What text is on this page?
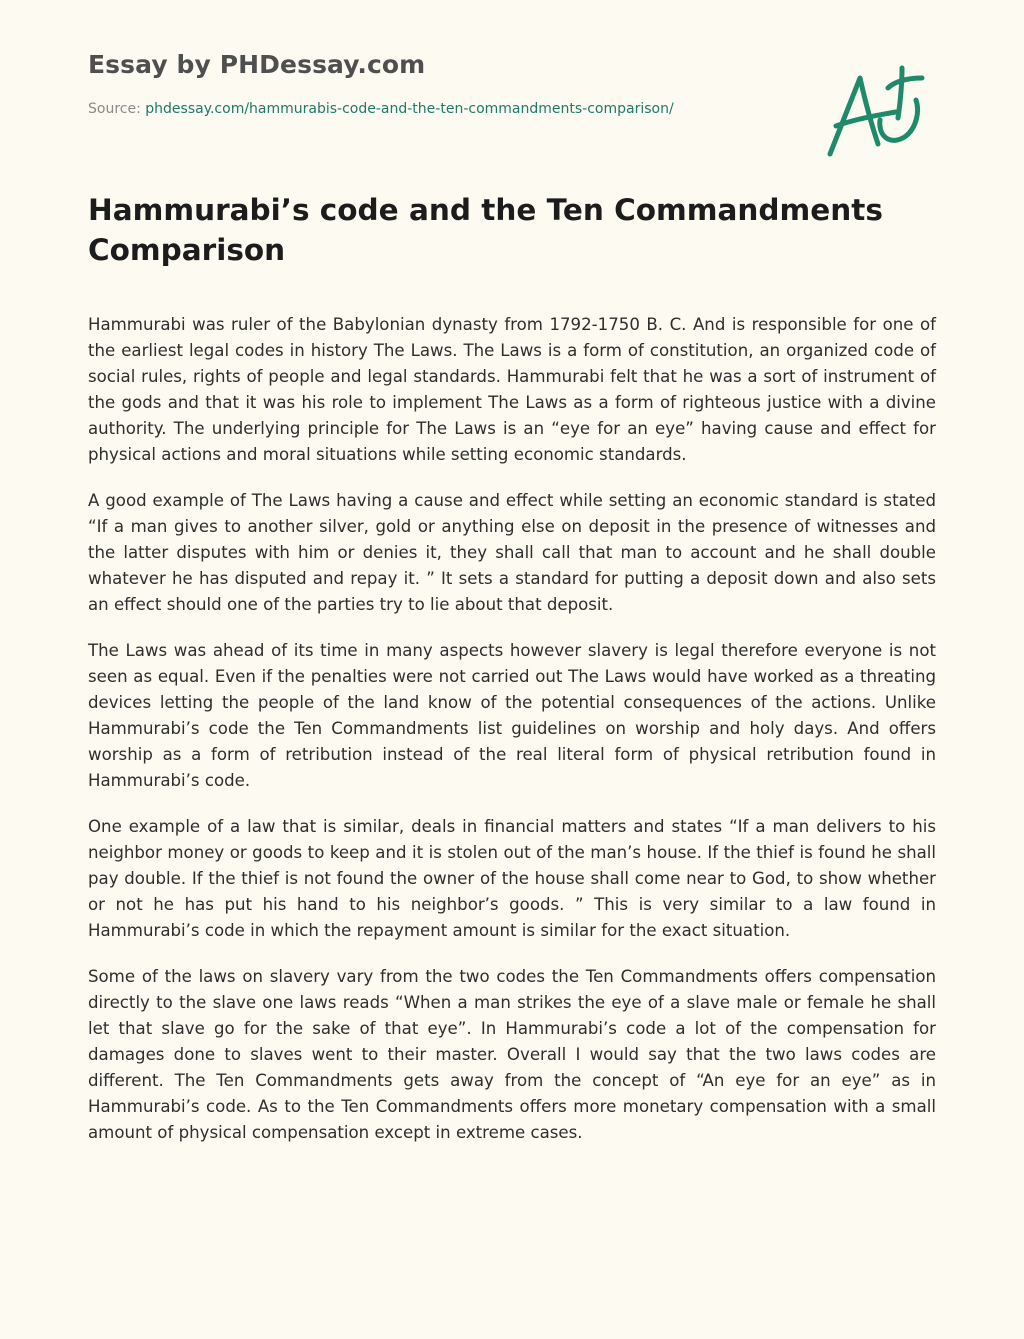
Essay by PHDessay.com
Source: phdessay.com/hammurabis-code-and-the-ten-commandments-comparison/
Hammurabi’s code and the Ten Commandments Comparison

Hammurabi was ruler of the Babylonian dynasty from 1792-1750 B. C. And is responsible for one of the earliest legal codes in history The Laws. The Laws is a form of constitution, an organized code of social rules, rights of people and legal standards. Hammurabi felt that he was a sort of instrument of the gods and that it was his role to implement The Laws as a form of righteous justice with a divine authority. The underlying principle for The Laws is an “eye for an eye” having cause and effect for physical actions and moral situations while setting economic standards.

A good example of The Laws having a cause and effect while setting an economic standard is stated “If a man gives to another silver, gold or anything else on deposit in the presence of witnesses and the latter disputes with him or denies it, they shall call that man to account and he shall double whatever he has disputed and repay it. ” It sets a standard for putting a deposit down and also sets an effect should one of the parties try to lie about that deposit.

The Laws was ahead of its time in many aspects however slavery is legal therefore everyone is not seen as equal. Even if the penalties were not carried out The Laws would have worked as a threating devices letting the people of the land know of the potential consequences of the actions. Unlike Hammurabi’s code the Ten Commandments list guidelines on worship and holy days. And offers worship as a form of retribution instead of the real literal form of physical retribution found in Hammurabi’s code.

One example of a law that is similar, deals in financial matters and states “If a man delivers to his neighbor money or goods to keep and it is stolen out of the man’s house. If the thief is found he shall pay double. If the thief is not found the owner of the house shall come near to God, to show whether or not he has put his hand to his neighbor’s goods. ” This is very similar to a law found in Hammurabi’s code in which the repayment amount is similar for the exact situation.

Some of the laws on slavery vary from the two codes the Ten Commandments offers compensation directly to the slave one laws reads “When a man strikes the eye of a slave male or female he shall let that slave go for the sake of that eye”. In Hammurabi’s code a lot of the compensation for damages done to slaves went to their master. Overall I would say that the two laws codes are different. The Ten Commandments gets away from the concept of “An eye for an eye” as in Hammurabi’s code. As to the Ten Commandments offers more monetary compensation with a small amount of physical compensation except in extreme cases.
